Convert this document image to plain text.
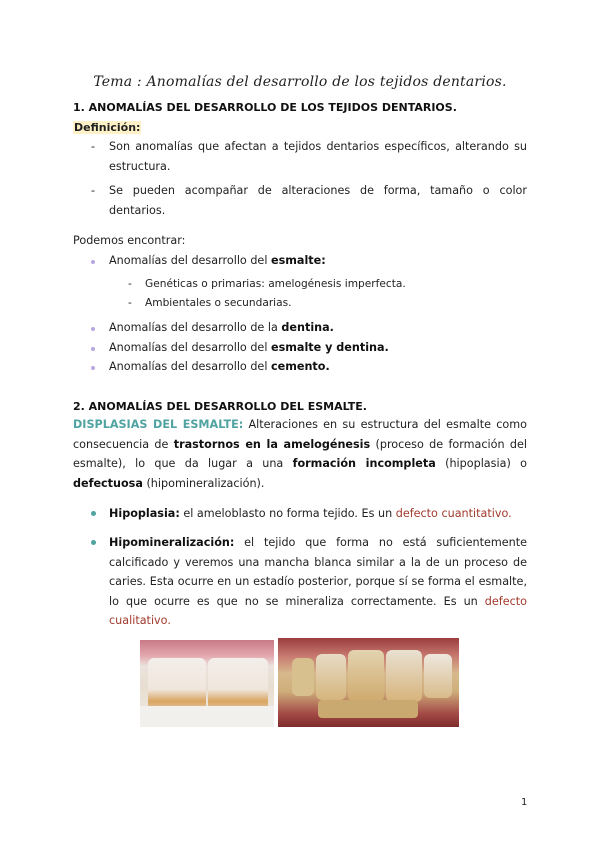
Tema : Anomalías del desarrollo de los tejidos dentarios.
1. ANOMALÍAS DEL DESARROLLO DE LOS TEJIDOS DENTARIOS.
Definición:
- Son anomalías que afectan a tejidos dentarios específicos, alterando su estructura.
- Se pueden acompañar de alteraciones de forma, tamaño o color dentarios.
Podemos encontrar:
Anomalías del desarrollo del esmalte:
- Genéticas o primarias: amelogénesis imperfecta.
- Ambientales o secundarias.
Anomalías del desarrollo de la dentina.
Anomalías del desarrollo del esmalte y dentina.
Anomalías del desarrollo del cemento.
2. ANOMALÍAS DEL DESARROLLO DEL ESMALTE.
DISPLASIAS DEL ESMALTE: Alteraciones en su estructura del esmalte como consecuencia de trastornos en la amelogénesis (proceso de formación del esmalte), lo que da lugar a una formación incompleta (hipoplasia) o defectuosa (hipomineralización).
Hipoplasia: el ameloblasto no forma tejido. Es un defecto cuantitativo.
Hipomineralización: el tejido que forma no está suficientemente calcificado y veremos una mancha blanca similar a la de un proceso de caries. Esta ocurre en un estadío posterior, porque sí se forma el esmalte, lo que ocurre es que no se mineraliza correctamente. Es un defecto cualitativo.
1
